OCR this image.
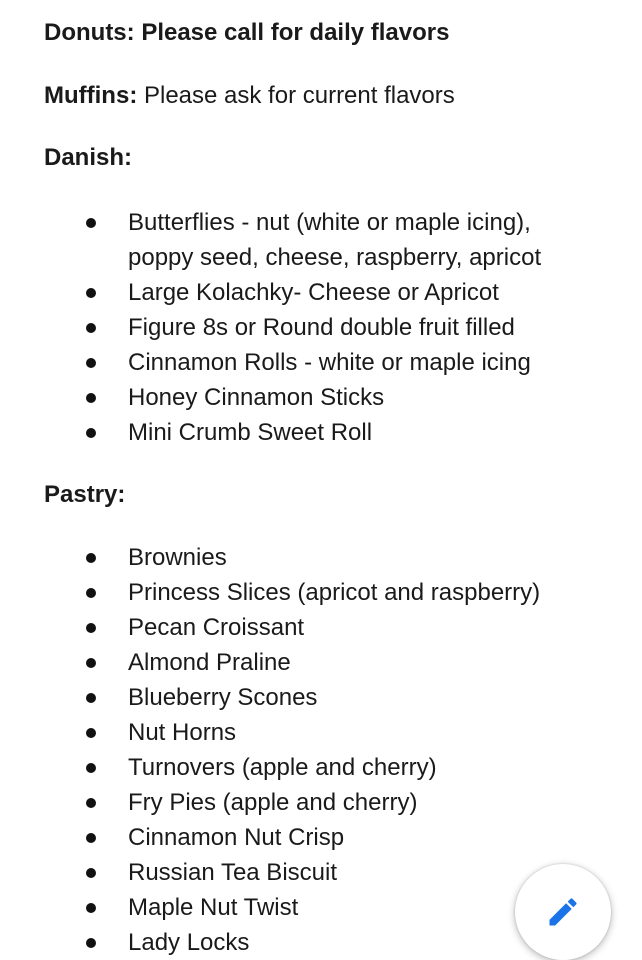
Donuts: Please call for daily flavors

Muffins: Please ask for current flavors

Danish:

Butterflies - nut (white or maple icing), poppy seed, cheese, raspberry, apricot
Large Kolachky- Cheese or Apricot
Figure 8s or Round double fruit filled
Cinnamon Rolls - white or maple icing
Honey Cinnamon Sticks
Mini Crumb Sweet Roll

Pastry:

Brownies
Princess Slices (apricot and raspberry)
Pecan Croissant
Almond Praline
Blueberry Scones
Nut Horns
Turnovers (apple and cherry)
Fry Pies (apple and cherry)
Cinnamon Nut Crisp
Russian Tea Biscuit
Maple Nut Twist
Lady Locks
